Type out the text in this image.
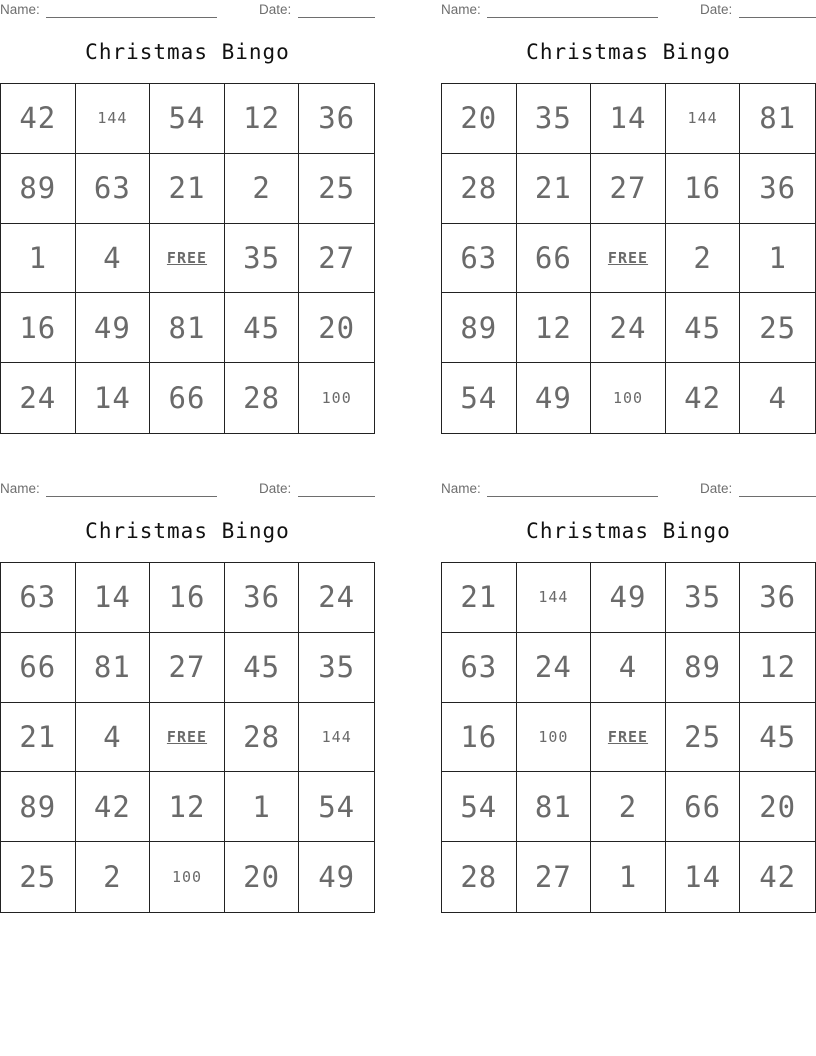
Name:	Date:
Christmas Bingo
42	144	54	12	36
89	63	21	2	25
1	4	FREE	35	27
16	49	81	45	20
24	14	66	28	100
Name:	Date:
Christmas Bingo
20	35	14	144	81
28	21	27	16	36
63	66	FREE	2	1
89	12	24	45	25
54	49	100	42	4
Name:	Date:
Christmas Bingo
63	14	16	36	24
66	81	27	45	35
21	4	FREE	28	144
89	42	12	1	54
25	2	100	20	49
Name:	Date:
Christmas Bingo
21	144	49	35	36
63	24	4	89	12
16	100	FREE	25	45
54	81	2	66	20
28	27	1	14	42
